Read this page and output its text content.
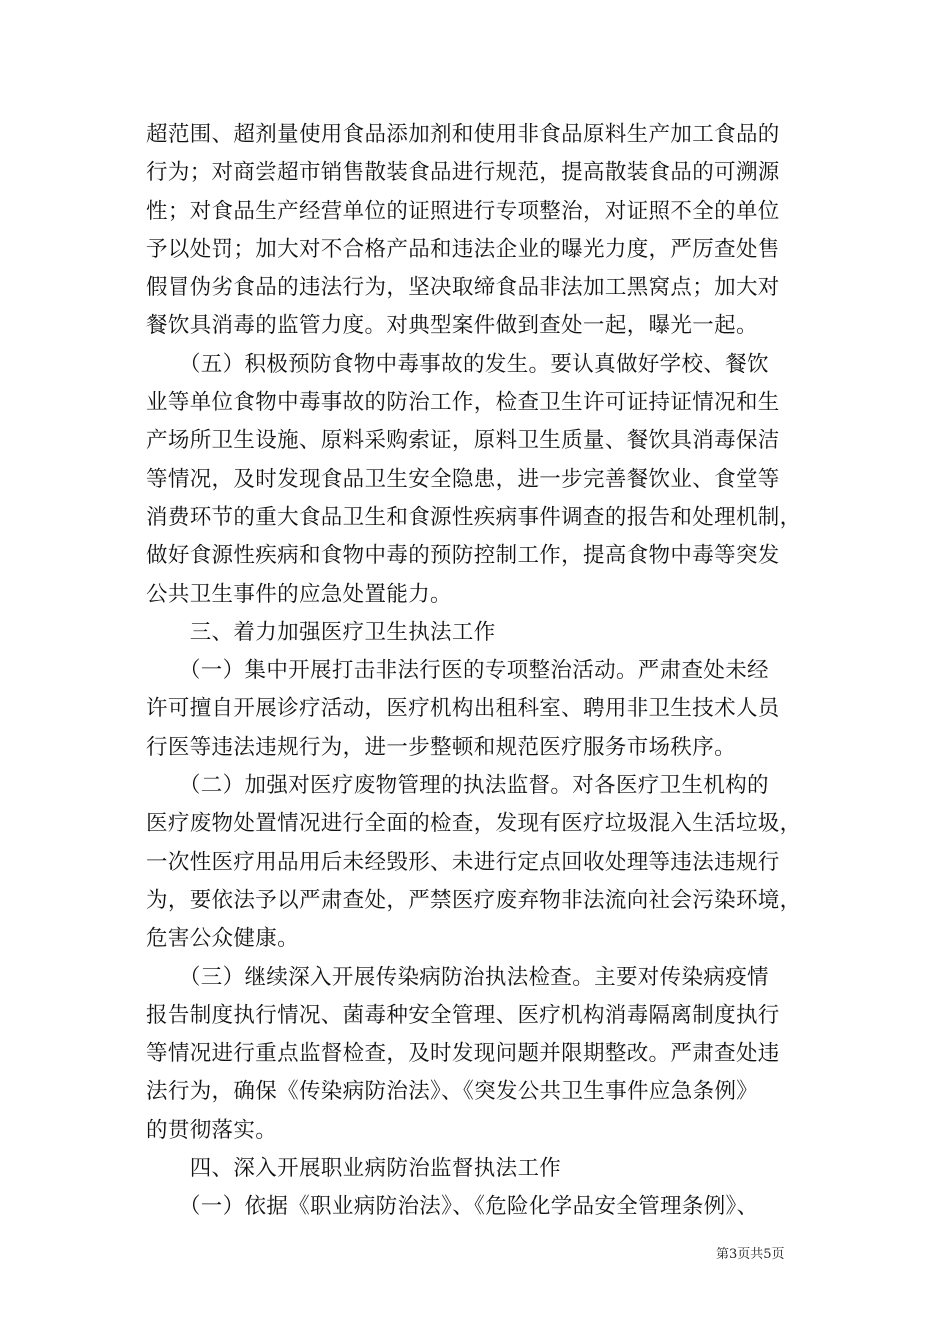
超范围、超剂量使用食品添加剂和使用非食品原料生产加工食品的
行为；对商尝超市销售散装食品进行规范，提高散装食品的可溯源
性；对食品生产经营单位的证照进行专项整治，对证照不全的单位
予以处罚；加大对不合格产品和违法企业的曝光力度，严厉查处售
假冒伪劣食品的违法行为，坚决取缔食品非法加工黑窝点；加大对
餐饮具消毒的监管力度。对典型案件做到查处一起，曝光一起。
　　（五）积极预防食物中毒事故的发生。要认真做好学校、餐饮
业等单位食物中毒事故的防治工作，检查卫生许可证持证情况和生
产场所卫生设施、原料采购索证，原料卫生质量、餐饮具消毒保洁
等情况，及时发现食品卫生安全隐患，进一步完善餐饮业、食堂等
消费环节的重大食品卫生和食源性疾病事件调查的报告和处理机制，
做好食源性疾病和食物中毒的预防控制工作，提高食物中毒等突发
公共卫生事件的应急处置能力。
　　三、着力加强医疗卫生执法工作
　　（一）集中开展打击非法行医的专项整治活动。严肃查处未经
许可擅自开展诊疗活动，医疗机构出租科室、聘用非卫生技术人员
行医等违法违规行为，进一步整顿和规范医疗服务市场秩序。
　　（二）加强对医疗废物管理的执法监督。对各医疗卫生机构的
医疗废物处置情况进行全面的检查，发现有医疗垃圾混入生活垃圾，
一次性医疗用品用后未经毁形、未进行定点回收处理等违法违规行
为，要依法予以严肃查处，严禁医疗废弃物非法流向社会污染环境，
危害公众健康。
　　（三）继续深入开展传染病防治执法检查。主要对传染病疫情
报告制度执行情况、菌毒种安全管理、医疗机构消毒隔离制度执行
等情况进行重点监督检查，及时发现问题并限期整改。严肃查处违
法行为，确保《传染病防治法》、《突发公共卫生事件应急条例》
的贯彻落实。
　　四、深入开展职业病防治监督执法工作
　　（一）依据《职业病防治法》、《危险化学品安全管理条例》、
第3页共5页
